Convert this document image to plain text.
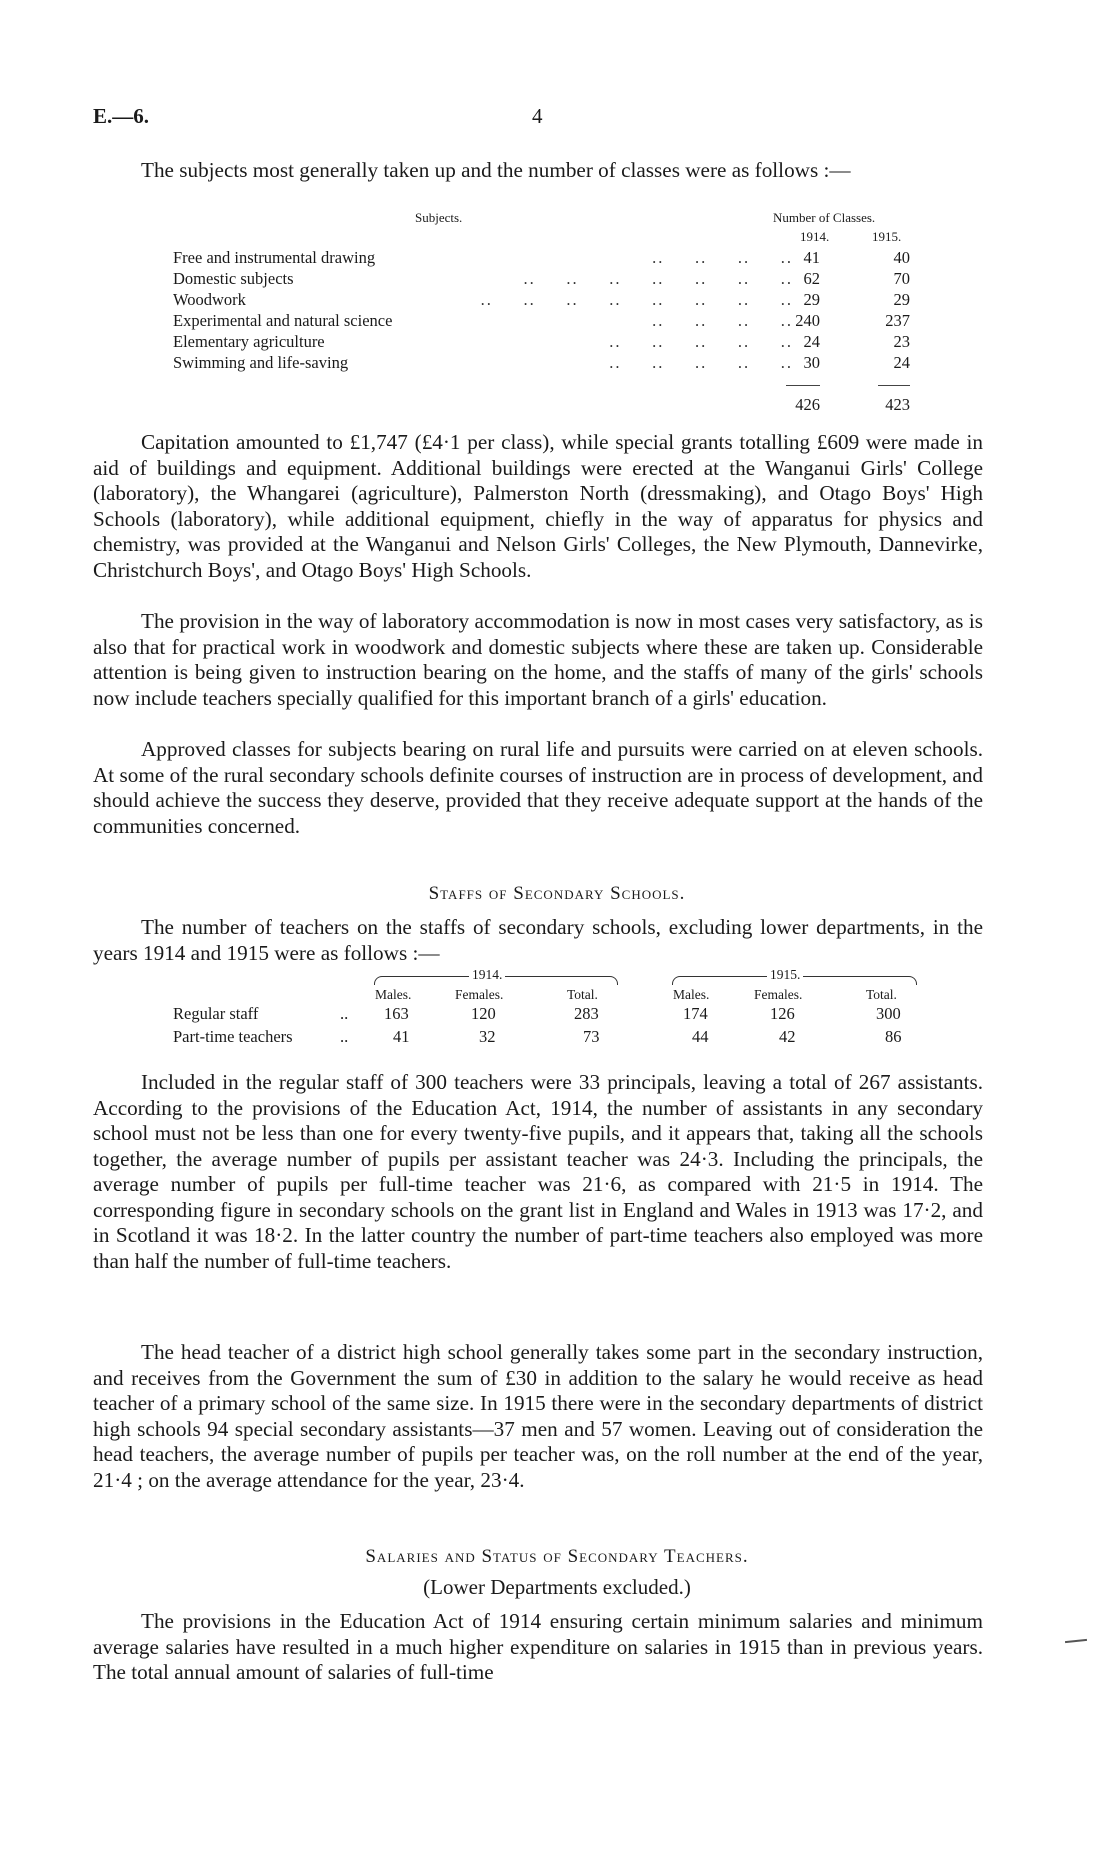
E.—6.	4

The subjects most generally taken up and the number of classes were as follows :—

Subjects.	Number of Classes.
1914.	1915.
..     ..     ..     ..
Free and instrumental drawing	41	40
..     ..     ..     ..     ..     ..     ..
Domestic subjects	62	70
..     ..     ..     ..     ..     ..     ..     ..
Woodwork	29	29
..     ..     ..     ..
Experimental and natural science	240	237
..     ..     ..     ..     ..
Elementary agriculture	24	23
..     ..     ..     ..     ..
Swimming and life-saving	30	24
426	423

Capitation amounted to £1,747 (£4·1 per class), while special grants totalling £609 were made in aid of buildings and equipment. Additional buildings were erected at the Wanganui Girls' College (laboratory), the Whangarei (agriculture), Palmerston North (dressmaking), and Otago Boys' High Schools (laboratory), while additional equipment, chiefly in the way of apparatus for physics and chemistry, was provided at the Wanganui and Nelson Girls' Colleges, the New Plymouth, Dannevirke, Christchurch Boys', and Otago Boys' High Schools.

The provision in the way of laboratory accommodation is now in most cases very satisfactory, as is also that for practical work in woodwork and domestic subjects where these are taken up. Considerable attention is being given to instruction bearing on the home, and the staffs of many of the girls' schools now include teachers specially qualified for this important branch of a girls' education.

Approved classes for subjects bearing on rural life and pursuits were carried on at eleven schools. At some of the rural secondary schools definite courses of instruction are in process of development, and should achieve the success they deserve, provided that they receive adequate support at the hands of the communities concerned.

Staffs of Secondary Schools.

The number of teachers on the staffs of secondary schools, excluding lower departments, in the years 1914 and 1915 were as follows :—

1914.	1915.
Males.	Females.	Total.	Males.	Females.	Total.
Regular staff	.. 163	120	283	174	126	300
Part-time teachers	..	41	32	73	44	42	86

Included in the regular staff of 300 teachers were 33 principals, leaving a total of 267 assistants. According to the provisions of the Education Act, 1914, the number of assistants in any secondary school must not be less than one for every twenty-five pupils, and it appears that, taking all the schools together, the average number of pupils per assistant teacher was 24·3. Including the principals, the average number of pupils per full-time teacher was 21·6, as compared with 21·5 in 1914. The corresponding figure in secondary schools on the grant list in England and Wales in 1913 was 17·2, and in Scotland it was 18·2. In the latter country the number of part-time teachers also employed was more than half the number of full-time teachers.

The head teacher of a district high school generally takes some part in the secondary instruction, and receives from the Government the sum of £30 in addition to the salary he would receive as head teacher of a primary school of the same size. In 1915 there were in the secondary departments of district high schools 94 special secondary assistants—37 men and 57 women. Leaving out of consideration the head teachers, the average number of pupils per teacher was, on the roll number at the end of the year, 21·4 ; on the average attendance for the year, 23·4.

Salaries and Status of Secondary Teachers.
(Lower Departments excluded.)

The provisions in the Education Act of 1914 ensuring certain minimum salaries and minimum average salaries have resulted in a much higher expenditure on salaries in 1915 than in previous years. The total annual amount of salaries of full-time
